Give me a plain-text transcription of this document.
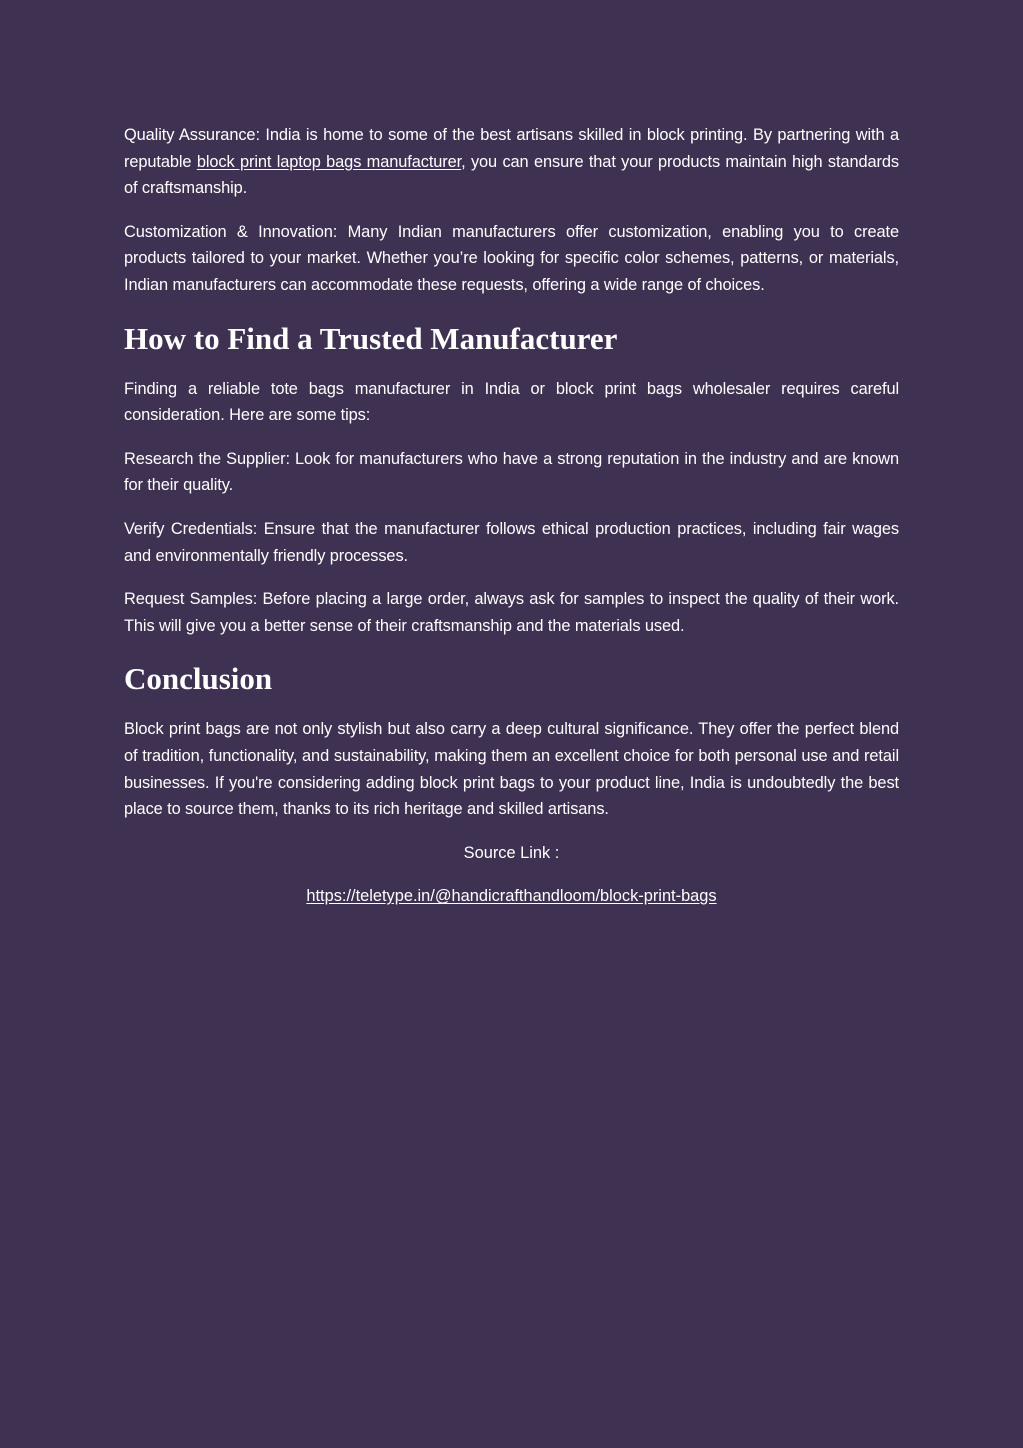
Quality Assurance: India is home to some of the best artisans skilled in block printing. By partnering with a reputable block print laptop bags manufacturer, you can ensure that your products maintain high standards of craftsmanship.

Customization & Innovation: Many Indian manufacturers offer customization, enabling you to create products tailored to your market. Whether you’re looking for specific color schemes, patterns, or materials, Indian manufacturers can accommodate these requests, offering a wide range of choices.

How to Find a Trusted Manufacturer

Finding a reliable tote bags manufacturer in India or block print bags wholesaler requires careful consideration. Here are some tips:

Research the Supplier: Look for manufacturers who have a strong reputation in the industry and are known for their quality.

Verify Credentials: Ensure that the manufacturer follows ethical production practices, including fair wages and environmentally friendly processes.

Request Samples: Before placing a large order, always ask for samples to inspect the quality of their work. This will give you a better sense of their craftsmanship and the materials used.

Conclusion

Block print bags are not only stylish but also carry a deep cultural significance. They offer the perfect blend of tradition, functionality, and sustainability, making them an excellent choice for both personal use and retail businesses. If you're considering adding block print bags to your product line, India is undoubtedly the best place to source them, thanks to its rich heritage and skilled artisans.

Source Link :

https://teletype.in/@handicrafthandloom/block-print-bags
